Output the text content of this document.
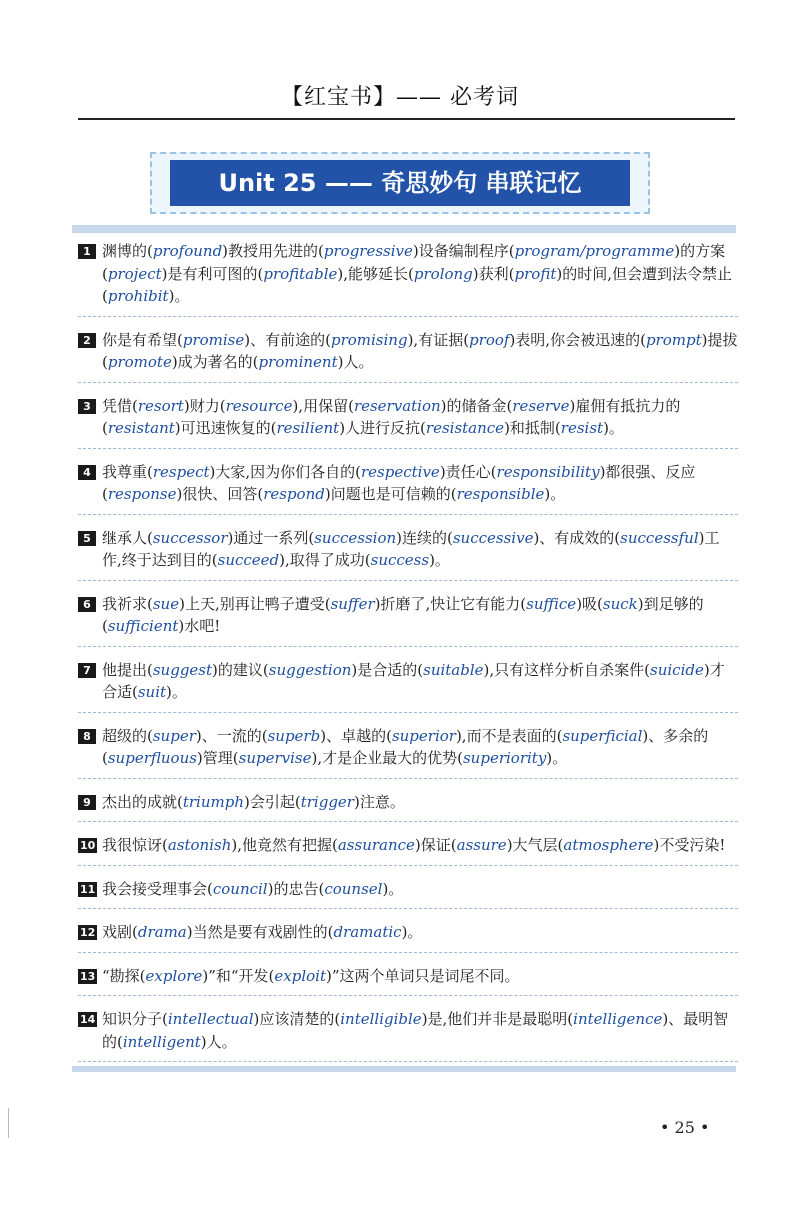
【红宝书】—— 必考词
Unit 25 —— 奇思妙句 串联记忆
1 渊博的(profound)教授用先进的(progressive)设备编制程序(program/programme)的方案(project)是有利可图的(profitable),能够延长(prolong)获利(profit)的时间,但会遭到法令禁止(prohibit)。
2 你是有希望(promise)、有前途的(promising),有证据(proof)表明,你会被迅速的(prompt)提拔(promote)成为著名的(prominent)人。
3 凭借(resort)财力(resource),用保留(reservation)的储备金(reserve)雇佣有抵抗力的(resistant)可迅速恢复的(resilient)人进行反抗(resistance)和抵制(resist)。
4 我尊重(respect)大家,因为你们各自的(respective)责任心(responsibility)都很强、反应(response)很快、回答(respond)问题也是可信赖的(responsible)。
5 继承人(successor)通过一系列(succession)连续的(successive)、有成效的(successful)工作,终于达到目的(succeed),取得了成功(success)。
6 我祈求(sue)上天,别再让鸭子遭受(suffer)折磨了,快让它有能力(suffice)吸(suck)到足够的(sufficient)水吧!
7 他提出(suggest)的建议(suggestion)是合适的(suitable),只有这样分析自杀案件(suicide)才合适(suit)。
8 超级的(super)、一流的(superb)、卓越的(superior),而不是表面的(superficial)、多余的(superfluous)管理(supervise),才是企业最大的优势(superiority)。
9 杰出的成就(triumph)会引起(trigger)注意。
10 我很惊讶(astonish),他竟然有把握(assurance)保证(assure)大气层(atmosphere)不受污染!
11 我会接受理事会(council)的忠告(counsel)。
12 戏剧(drama)当然是要有戏剧性的(dramatic)。
13 “勘探(explore)”和“开发(exploit)”这两个单词只是词尾不同。
14 知识分子(intellectual)应该清楚的(intelligible)是,他们并非是最聪明(intelligence)、最明智的(intelligent)人。
• 25 •
